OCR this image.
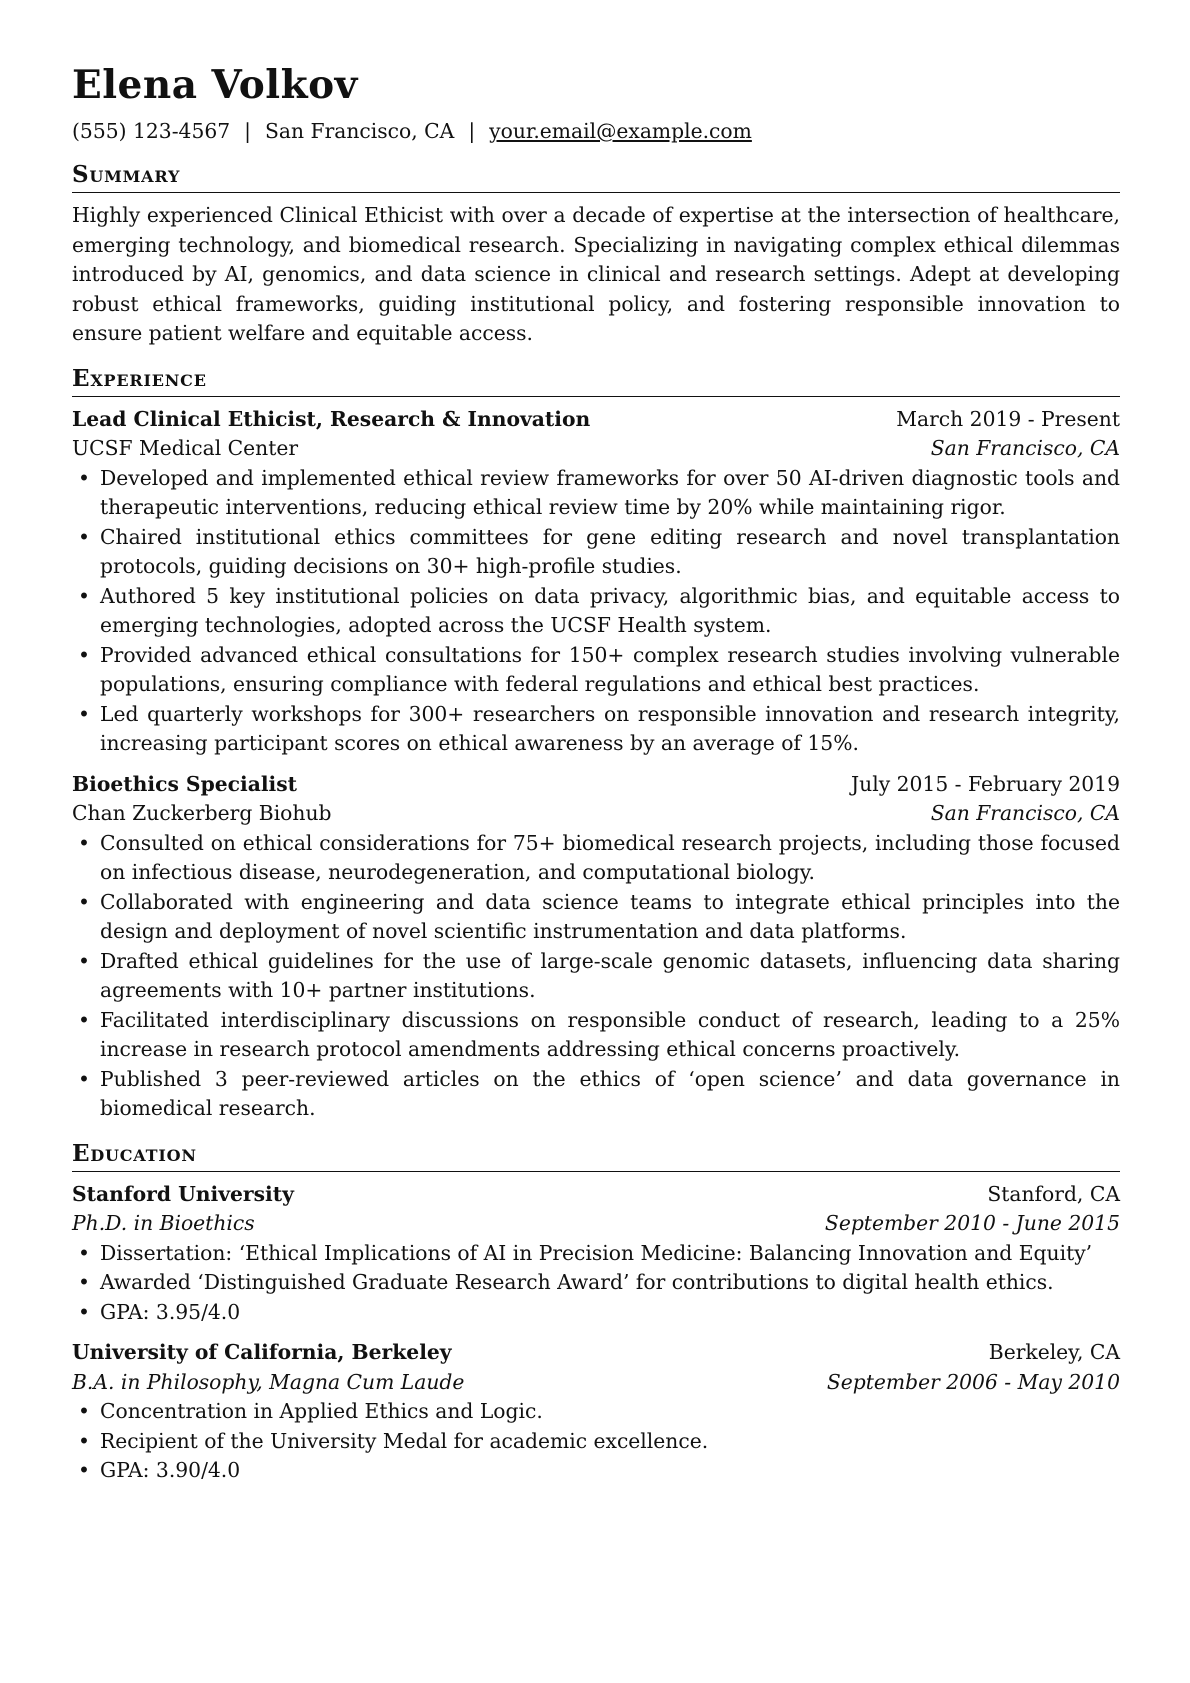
Elena Volkov
(555) 123-4567 | San Francisco, CA | your.email@example.com
Summary
Highly experienced Clinical Ethicist with over a decade of expertise at the intersection of healthcare, emerging technology, and biomedical research. Specializing in navigating complex ethical dilemmas introduced by AI, genomics, and data science in clinical and research settings. Adept at developing robust ethical frameworks, guiding institutional policy, and fostering responsible innovation to ensure patient welfare and equitable access.
Experience
Lead Clinical Ethicist, Research & Innovation	March 2019 - Present
UCSF Medical Center	San Francisco, CA
• Developed and implemented ethical review frameworks for over 50 AI-driven diagnostic tools and therapeutic interventions, reducing ethical review time by 20% while maintaining rigor.
• Chaired institutional ethics committees for gene editing research and novel transplantation protocols, guiding decisions on 30+ high-profile studies.
• Authored 5 key institutional policies on data privacy, algorithmic bias, and equitable access to emerging technologies, adopted across the UCSF Health system.
• Provided advanced ethical consultations for 150+ complex research studies involving vulnerable populations, ensuring compliance with federal regulations and ethical best practices.
• Led quarterly workshops for 300+ researchers on responsible innovation and research integrity, increasing participant scores on ethical awareness by an average of 15%.
Bioethics Specialist	July 2015 - February 2019
Chan Zuckerberg Biohub	San Francisco, CA
• Consulted on ethical considerations for 75+ biomedical research projects, including those focused on infectious disease, neurodegeneration, and computational biology.
• Collaborated with engineering and data science teams to integrate ethical principles into the design and deployment of novel scientific instrumentation and data platforms.
• Drafted ethical guidelines for the use of large-scale genomic datasets, influencing data sharing agreements with 10+ partner institutions.
• Facilitated interdisciplinary discussions on responsible conduct of research, leading to a 25% increase in research protocol amendments addressing ethical concerns proactively.
• Published 3 peer-reviewed articles on the ethics of ‘open science’ and data governance in biomedical research.
Education
Stanford University	Stanford, CA
Ph.D. in Bioethics	September 2010 - June 2015
• Dissertation: ‘Ethical Implications of AI in Precision Medicine: Balancing Innovation and Equity’
• Awarded ‘Distinguished Graduate Research Award’ for contributions to digital health ethics.
• GPA: 3.95/4.0
University of California, Berkeley	Berkeley, CA
B.A. in Philosophy, Magna Cum Laude	September 2006 - May 2010
• Concentration in Applied Ethics and Logic.
• Recipient of the University Medal for academic excellence.
• GPA: 3.90/4.0
